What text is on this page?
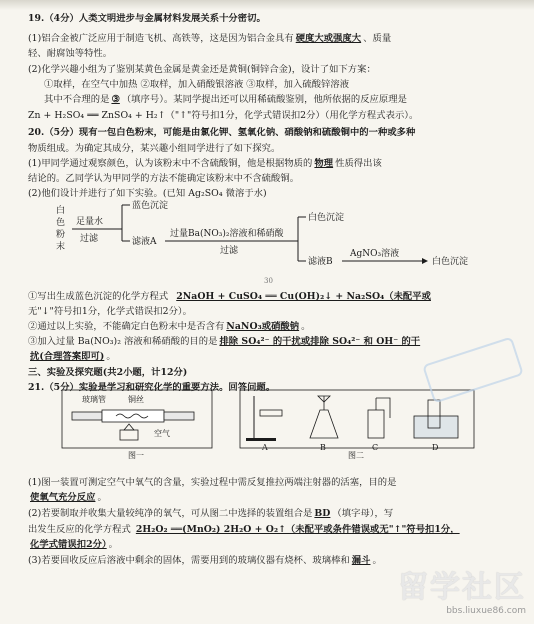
19.（4分）人类文明进步与金属材料发展关系十分密切。
(1)铝合金被广泛应用于制造飞机、高铁等，这是因为铝合金具有 硬度大或强度大 、质量
轻、耐腐蚀等特性。
(2)化学兴趣小组为了鉴别某黄色金属是黄金还是黄铜(铜锌合金)，设计了如下方案：
①取样，在空气中加热 ②取样，加入硝酸银溶液 ③取样，加入硫酸锌溶液
其中不合理的是 ③ （填序号）。某同学提出还可以用稀硫酸鉴别，他所依据的反应原理是
Zn + H₂SO₄ ══ ZnSO₄ + H₂↑（"↑"符号扣1分，化学式错误扣2分）（用化学方程式表示）。
20.（5分）现有一包白色粉末，可能是由氯化钾、氢氧化钠、硝酸钠和硫酸铜中的一种或多种
物质组成。为确定其成分，某兴趣小组同学进行了如下探究。
(1)甲同学通过观察颜色，认为该粉末中不含硫酸铜，他是根据物质的 物理 性质得出该
结论的。乙同学认为甲同学的方法不能确定该粉末中不含硫酸铜。
(2)他们设计并进行了如下实验。(已知 Ag₂SO₄ 微溶于水)
白
色
粉
末
足量水
过滤
蓝色沉淀
滤液A
过量Ba(NO₃)₂溶液和稀硝酸
过滤
白色沉淀
滤液B
AgNO₃溶液
白色沉淀
30
①写出生成蓝色沉淀的化学方程式 2NaOH + CuSO₄ ══ Cu(OH)₂↓ + Na₂SO₄（未配平或
无"↓"符号扣1分，化学式错误扣2分）。
②通过以上实验，不能确定白色粉末中是否含有 NaNO₃或硝酸钠 。
③加入过量 Ba(NO₃)₂ 溶液和稀硝酸的目的是 排除 SO₄²⁻ 的干扰或排除 SO₄²⁻ 和 OH⁻ 的干
扰(合理答案即可) 。
三、实验及探究题(共2小题，计12分)
21.（5分）实验是学习和研究化学的重要方法。回答问题。
玻璃管	铜丝
空气
图一
A	B	C	D
图二
(1)图一装置可测定空气中氧气的含量，实验过程中需反复推拉两端注射器的活塞，目的是
使氧气充分反应 。
(2)若要制取并收集大量较纯净的氧气，可从图二中选择的装置组合是 BD （填字母），写
出发生反应的化学方程式 2H₂O₂ ══(MnO₂) 2H₂O + O₂↑（未配平或条件错误或无"↑"符号扣1分，
化学式错误扣2分） 。
(3)若要回收反应后溶液中剩余的固体，需要用到的玻璃仪器有烧杯、玻璃棒和 漏斗 。
留学社区
bbs.liuxue86.com
